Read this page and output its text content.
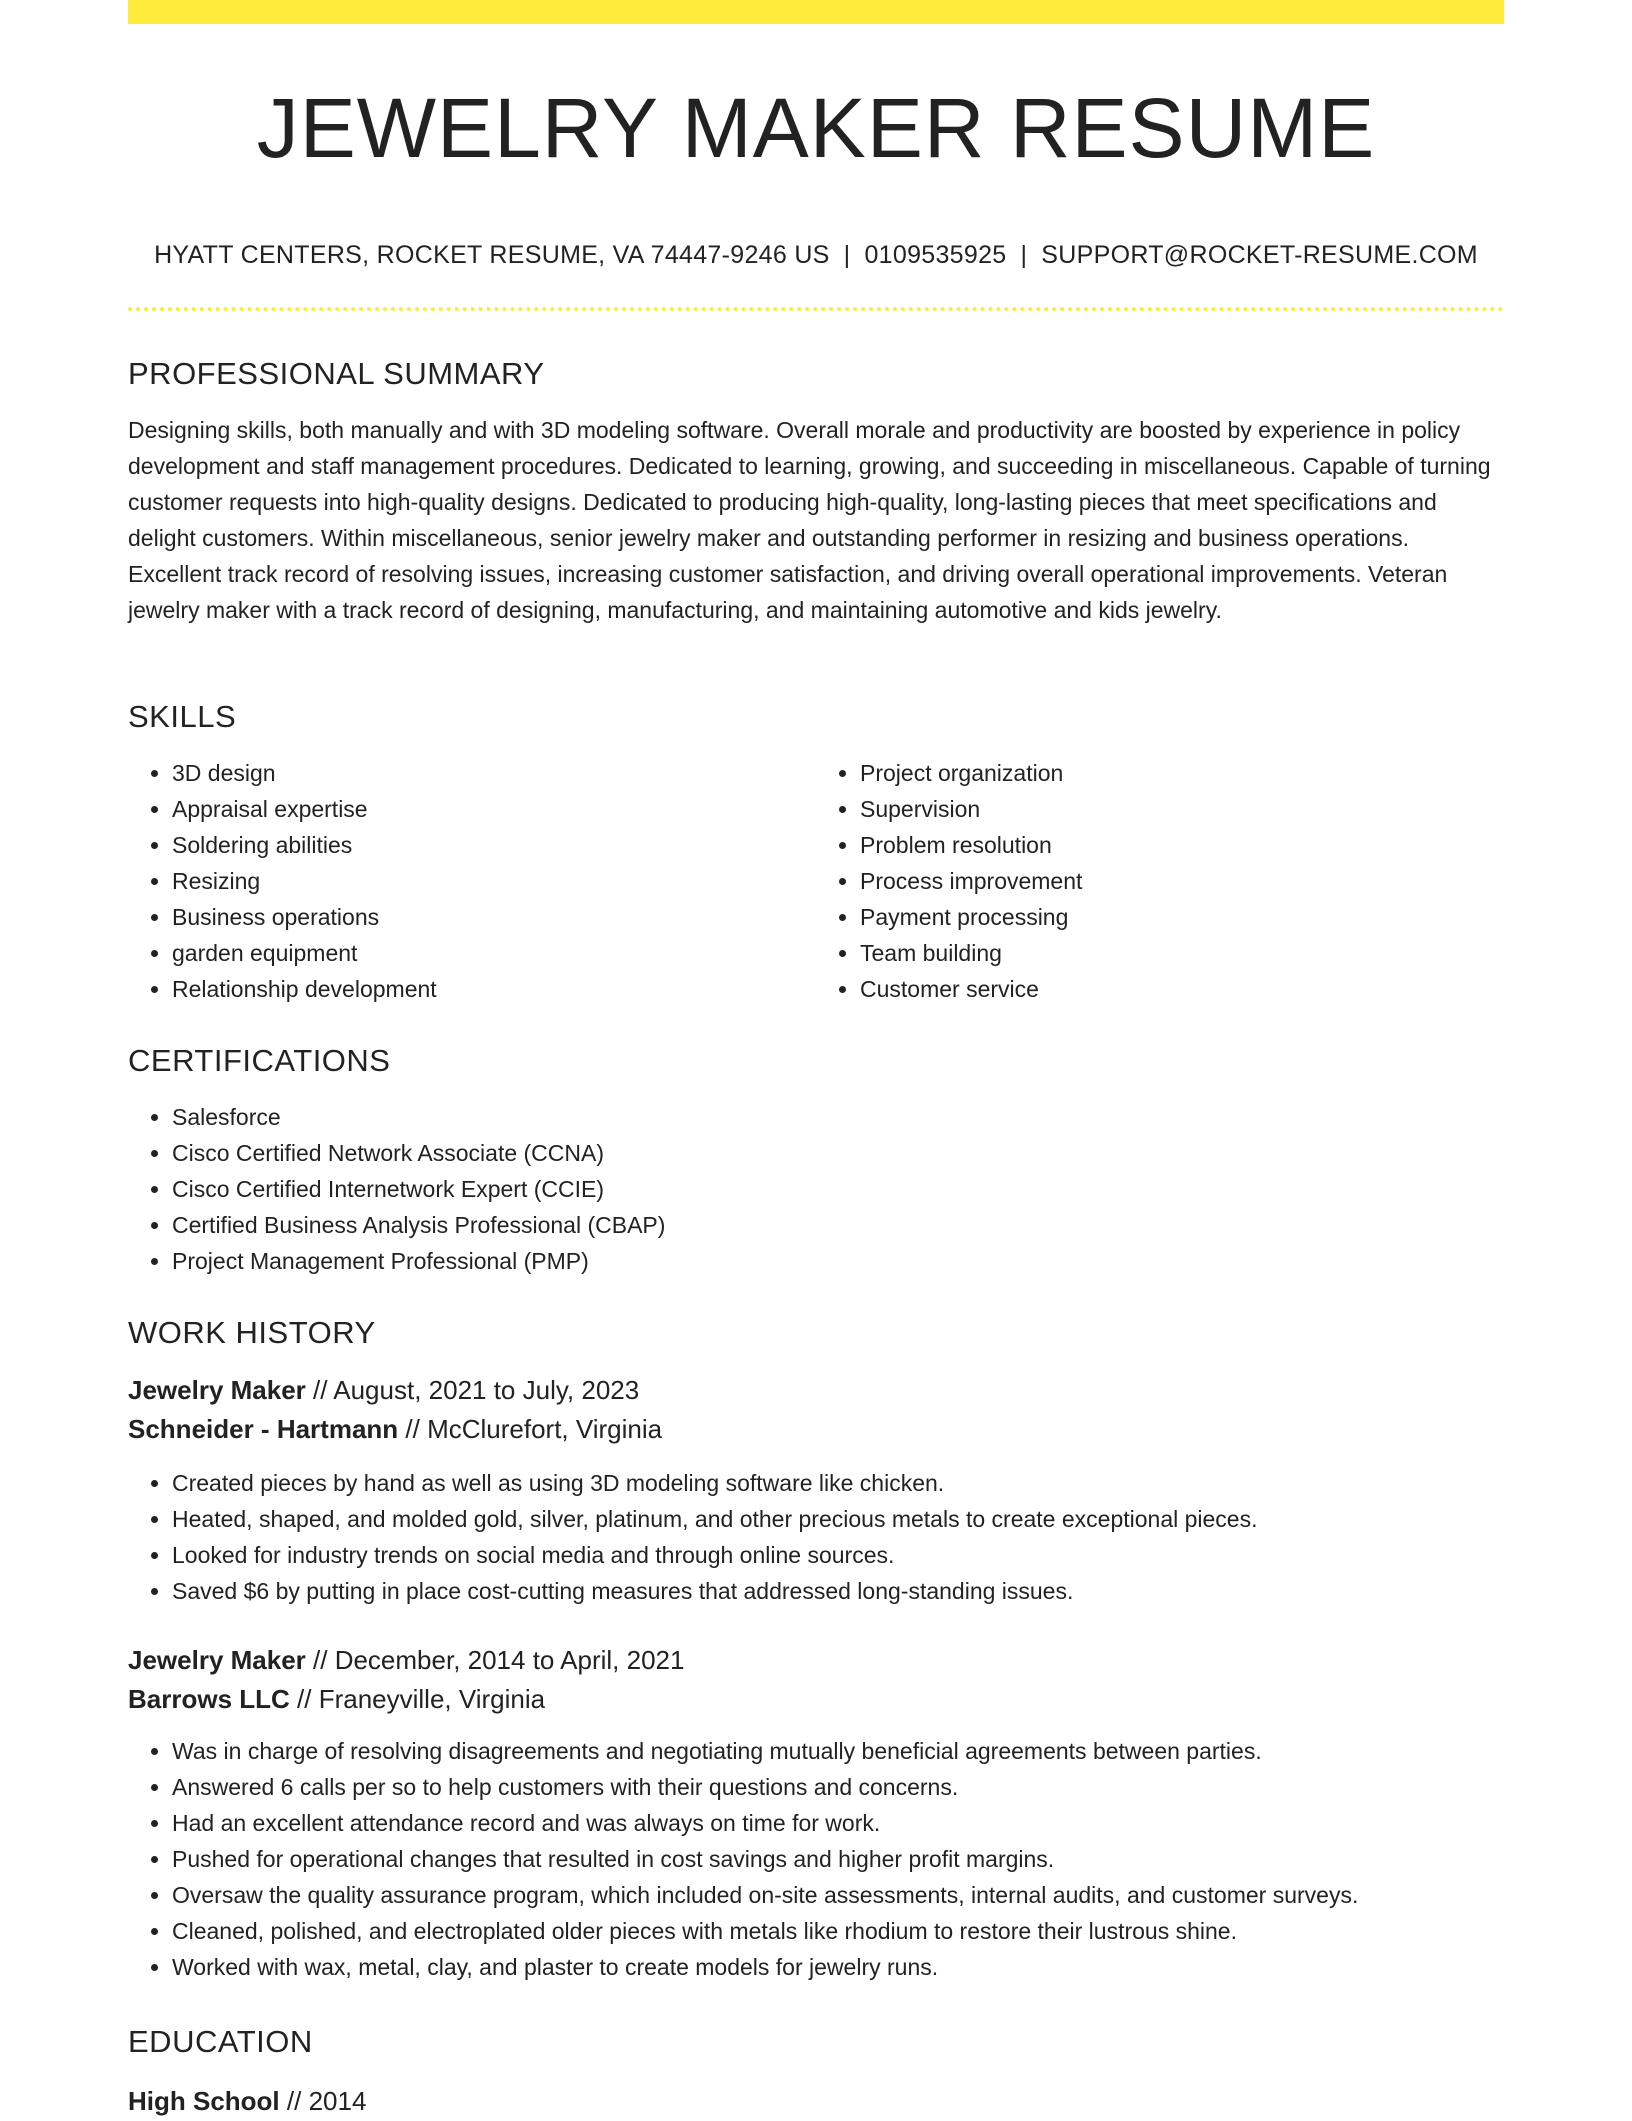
JEWELRY MAKER RESUME
HYATT CENTERS, ROCKET RESUME, VA 74447-9246 US | 0109535925 | SUPPORT@ROCKET-RESUME.COM
PROFESSIONAL SUMMARY

Designing skills, both manually and with 3D modeling software. Overall morale and productivity are boosted by experience in policy development and staff management procedures. Dedicated to learning, growing, and succeeding in miscellaneous. Capable of turning customer requests into high-quality designs. Dedicated to producing high-quality, long-lasting pieces that meet specifications and delight customers. Within miscellaneous, senior jewelry maker and outstanding performer in resizing and business operations. Excellent track record of resolving issues, increasing customer satisfaction, and driving overall operational improvements. Veteran jewelry maker with a track record of designing, manufacturing, and maintaining automotive and kids jewelry.

SKILLS
• 3D design
• Appraisal expertise
• Soldering abilities
• Resizing
• Business operations
• garden equipment
• Relationship development
• Project organization
• Supervision
• Problem resolution
• Process improvement
• Payment processing
• Team building
• Customer service
CERTIFICATIONS
• Salesforce
• Cisco Certified Network Associate (CCNA)
• Cisco Certified Internetwork Expert (CCIE)
• Certified Business Analysis Professional (CBAP)
• Project Management Professional (PMP)
WORK HISTORY
Jewelry Maker // August, 2021 to July, 2023
Schneider - Hartmann // McClurefort, Virginia
• Created pieces by hand as well as using 3D modeling software like chicken.
• Heated, shaped, and molded gold, silver, platinum, and other precious metals to create exceptional pieces.
• Looked for industry trends on social media and through online sources.
• Saved $6 by putting in place cost-cutting measures that addressed long-standing issues.
Jewelry Maker // December, 2014 to April, 2021
Barrows LLC // Franeyville, Virginia
• Was in charge of resolving disagreements and negotiating mutually beneficial agreements between parties.
• Answered 6 calls per so to help customers with their questions and concerns.
• Had an excellent attendance record and was always on time for work.
• Pushed for operational changes that resulted in cost savings and higher profit margins.
• Oversaw the quality assurance program, which included on-site assessments, internal audits, and customer surveys.
• Cleaned, polished, and electroplated older pieces with metals like rhodium to restore their lustrous shine.
• Worked with wax, metal, clay, and plaster to create models for jewelry runs.
EDUCATION
High School // 2014
